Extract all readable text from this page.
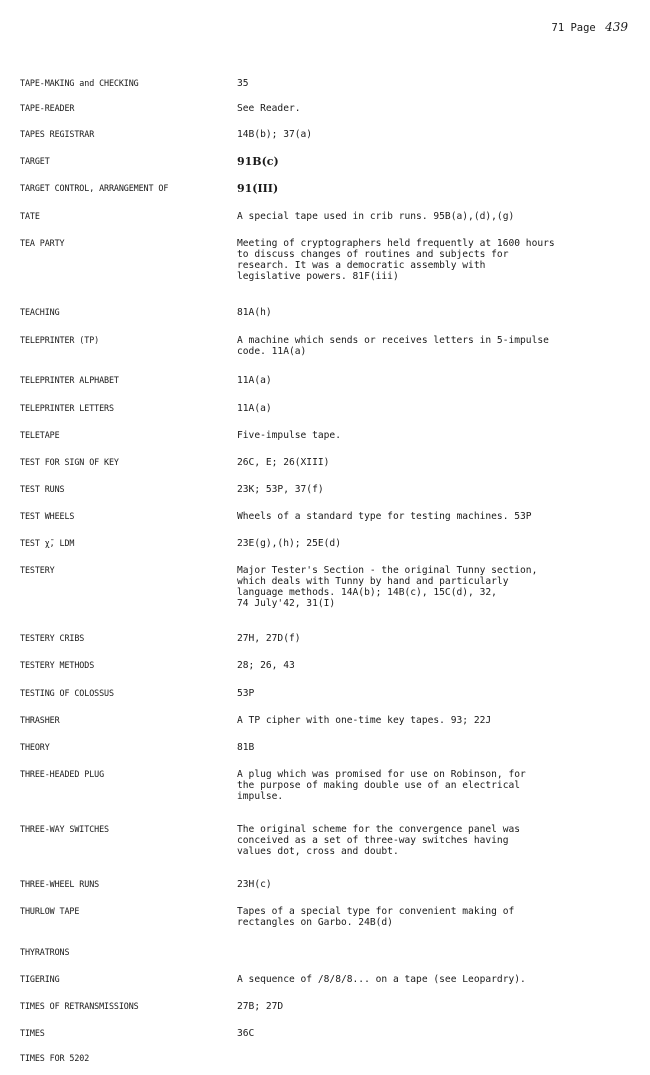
71 Page 439
TAPE-MAKING and CHECKING	35
TAPE-READER	See Reader.
TAPES REGISTRAR	14B(b); 37(a)
TARGET	91B(c)
TARGET CONTROL, ARRANGEMENT OF	91(III)
TATE	A special tape used in crib runs. 95B(a),(d),(g)
TEA PARTY	Meeting of cryptographers held frequently at 1600 hours
to discuss changes of routines and subjects for
research. It was a democratic assembly with
legislative powers. 81F(iii)
TEACHING	81A(h)
TELEPRINTER (TP)	A machine which sends or receives letters in 5-impulse
code. 11A(a)
TELEPRINTER ALPHABET	11A(a)
TELEPRINTER LETTERS	11A(a)
TELETAPE	Five-impulse tape.
TEST FOR SIGN OF KEY	26C, E; 26(XIII)
TEST RUNS	23K; 53P, 37(f)
TEST WHEELS	Wheels of a standard type for testing machines. 53P
TEST χ̄, LDM	23E(g),(h); 25E(d)
TESTERY	Major Tester's Section - the original Tunny section,
which deals with Tunny by hand and particularly
language methods. 14A(b); 14B(c), 15C(d), 32,
74 July'42, 31(I)
TESTERY CRIBS	27H, 27D(f)
TESTERY METHODS	28; 26, 43
TESTING OF COLOSSUS	53P
THRASHER	A TP cipher with one-time key tapes. 93; 22J
THEORY	81B
THREE-HEADED PLUG	A plug which was promised for use on Robinson, for
the purpose of making double use of an electrical
impulse.
THREE-WAY SWITCHES	The original scheme for the convergence panel was
conceived as a set of three-way switches having
values dot, cross and doubt.
THREE-WHEEL RUNS	23H(c)
THURLOW TAPE	Tapes of a special type for convenient making of
rectangles on Garbo. 24B(d)
THYRATRONS
TIGERING	A sequence of /8/8/8... on a tape (see Leopardry).
TIMES OF RETRANSMISSIONS	27B; 27D
TIMES	36C
TIMES FOR 5202
